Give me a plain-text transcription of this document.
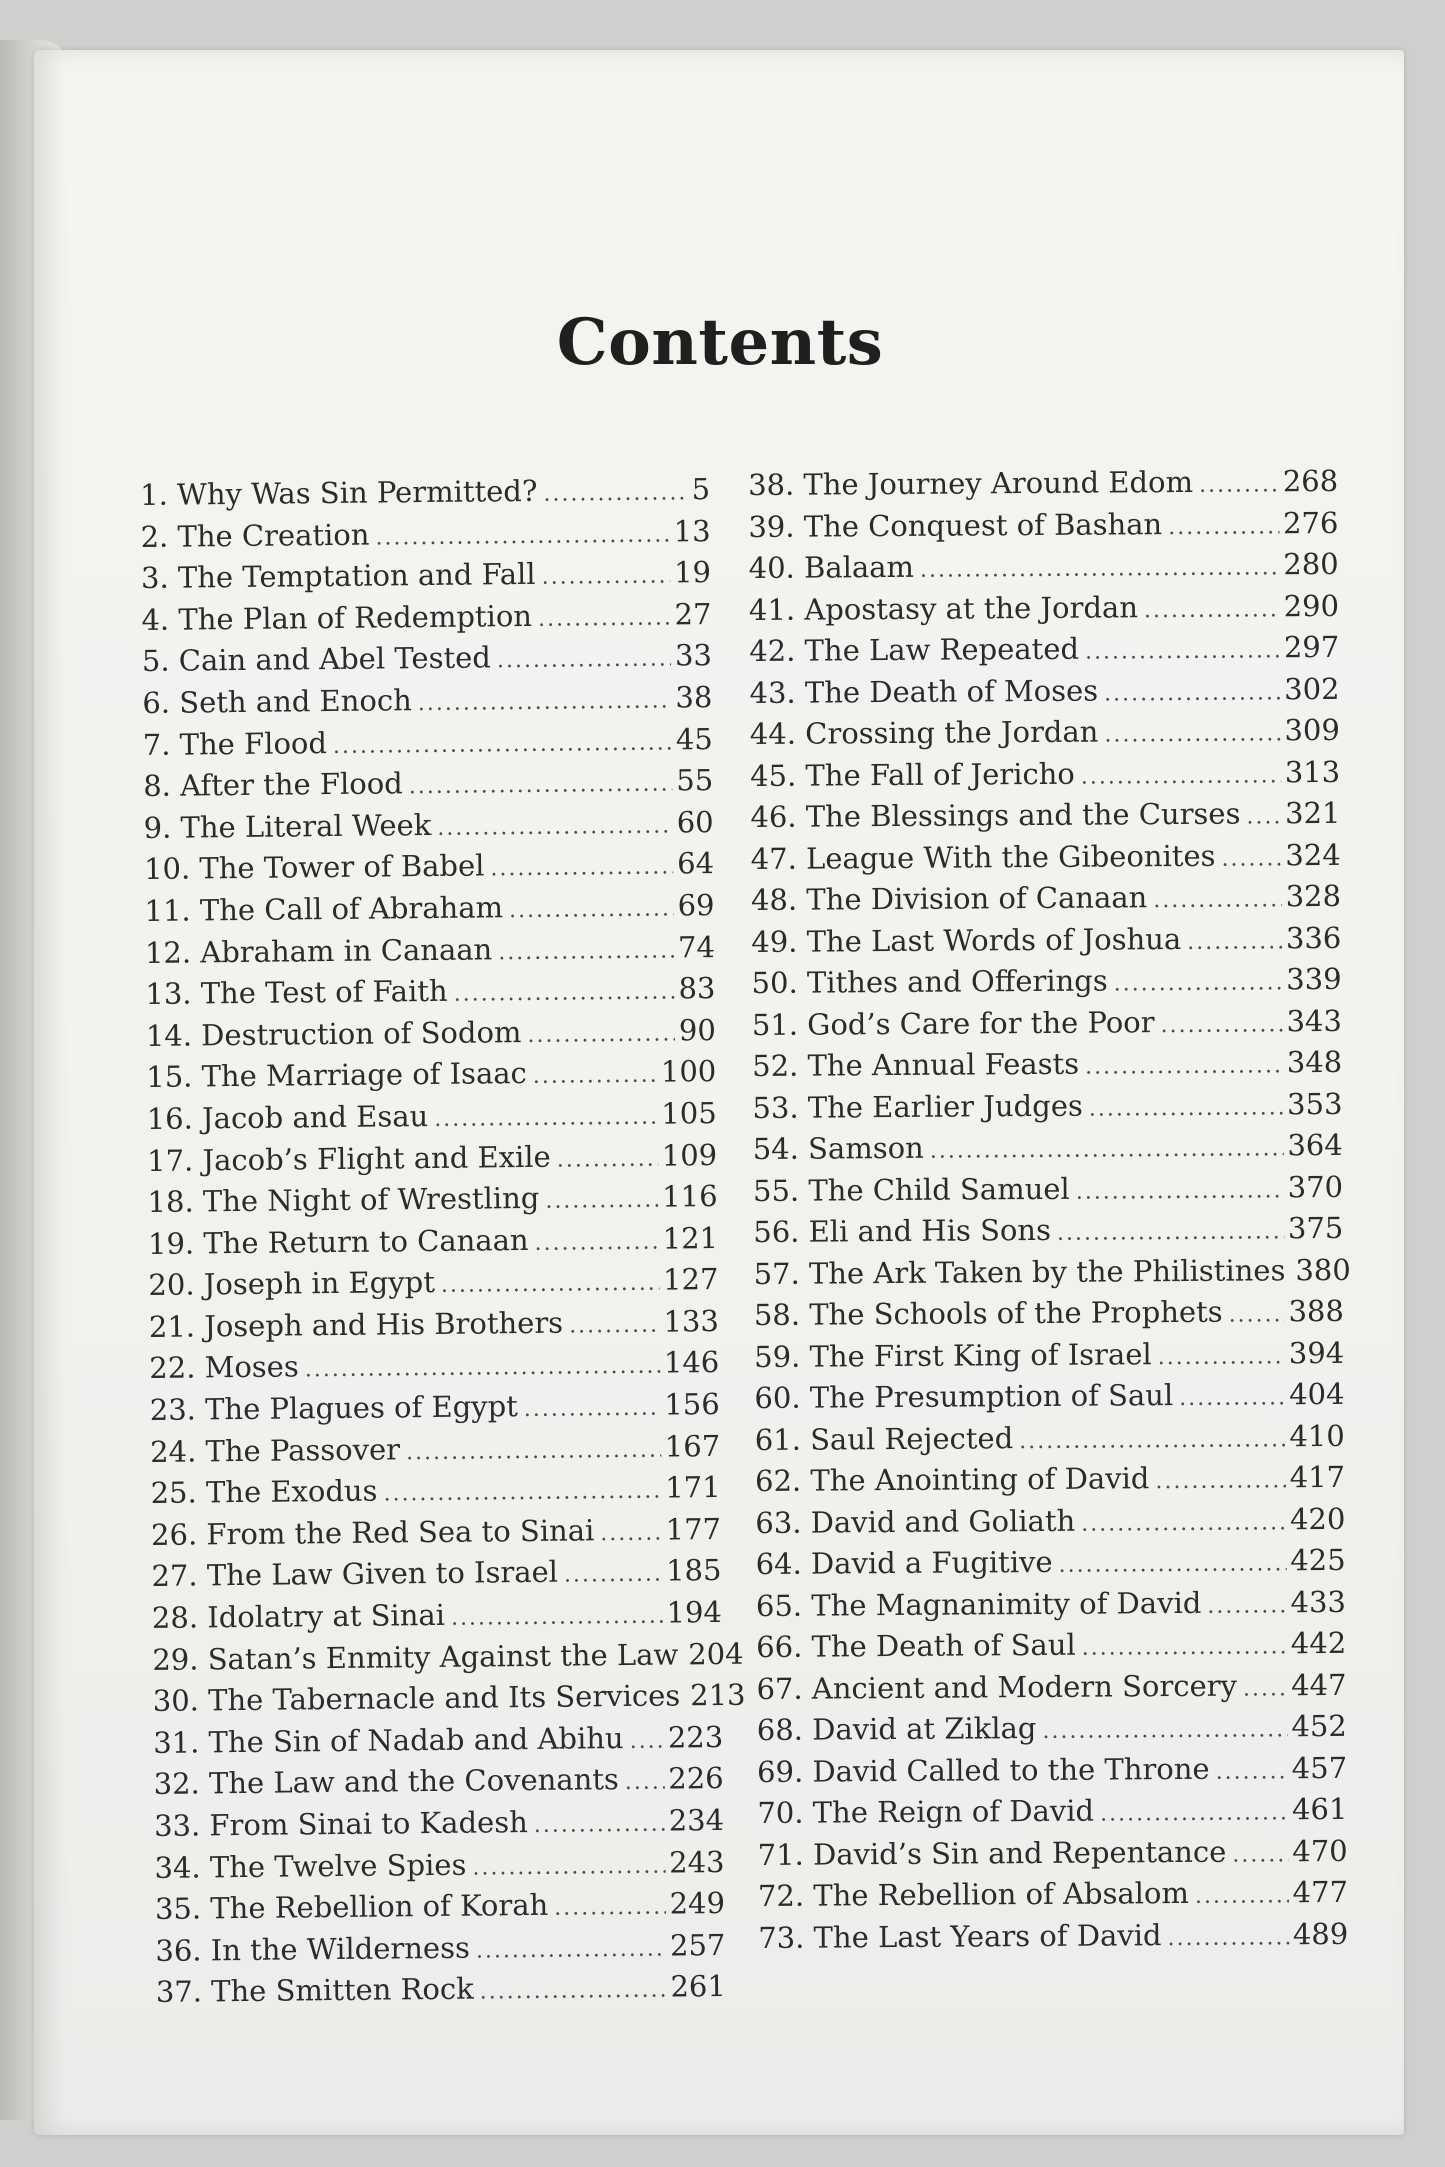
Contents
1. Why Was Sin Permitted? .....	5
2. The Creation .....	13
3. The Temptation and Fall .....	19
4. The Plan of Redemption .....	27
5. Cain and Abel Tested .....	33
6. Seth and Enoch .....	38
7. The Flood .....	45
8. After the Flood .....	55
9. The Literal Week .....	60
10. The Tower of Babel .....	64
11. The Call of Abraham .....	69
12. Abraham in Canaan .....	74
13. The Test of Faith .....	83
14. Destruction of Sodom .....	90
15. The Marriage of Isaac .....	100
16. Jacob and Esau .....	105
17. Jacob’s Flight and Exile .....	109
18. The Night of Wrestling .....	116
19. The Return to Canaan .....	121
20. Joseph in Egypt .....	127
21. Joseph and His Brothers .....	133
22. Moses .....	146
23. The Plagues of Egypt .....	156
24. The Passover .....	167
25. The Exodus .....	171
26. From the Red Sea to Sinai ..... 177
27. The Law Given to Israel .....	185
28. Idolatry at Sinai .....	194
29. Satan’s Enmity Against the Law ..... 204
30. The Tabernacle and Its Services ..... 213
31. The Sin of Nadab and Abihu ..... 223
32. The Law and the Covenants ..... 226
33. From Sinai to Kadesh .....	234
34. The Twelve Spies .....	243
35. The Rebellion of Korah .....	249
36. In the Wilderness .....	257
37. The Smitten Rock .....	261
38. The Journey Around Edom .....	268
39. The Conquest of Bashan .....	276
40. Balaam .....	280
41. Apostasy at the Jordan .....	290
42. The Law Repeated .....	297
43. The Death of Moses .....	302
44. Crossing the Jordan .....	309
45. The Fall of Jericho .....	313
46. The Blessings and the Curses ..... 321
47. League With the Gibeonites ..... 324
48. The Division of Canaan .....	328
49. The Last Words of Joshua .....	336
50. Tithes and Offerings .....	339
51. God’s Care for the Poor .....	343
52. The Annual Feasts .....	348
53. The Earlier Judges .....	353
54. Samson .....	364
55. The Child Samuel .....	370
56. Eli and His Sons .....	375
57. The Ark Taken by the Philistines ..... 380
58. The Schools of the Prophets ..... 388
59. The First King of Israel .....	394
60. The Presumption of Saul .....	404
61. Saul Rejected .....	410
62. The Anointing of David .....	417
63. David and Goliath .....	420
64. David a Fugitive .....	425
65. The Magnanimity of David .....	433
66. The Death of Saul .....	442
67. Ancient and Modern Sorcery ..... 447
68. David at Ziklag .....	452
69. David Called to the Throne .....	457
70. The Reign of David .....	461
71. David’s Sin and Repentance ..... 470
72. The Rebellion of Absalom .....	477
73. The Last Years of David .....	489
